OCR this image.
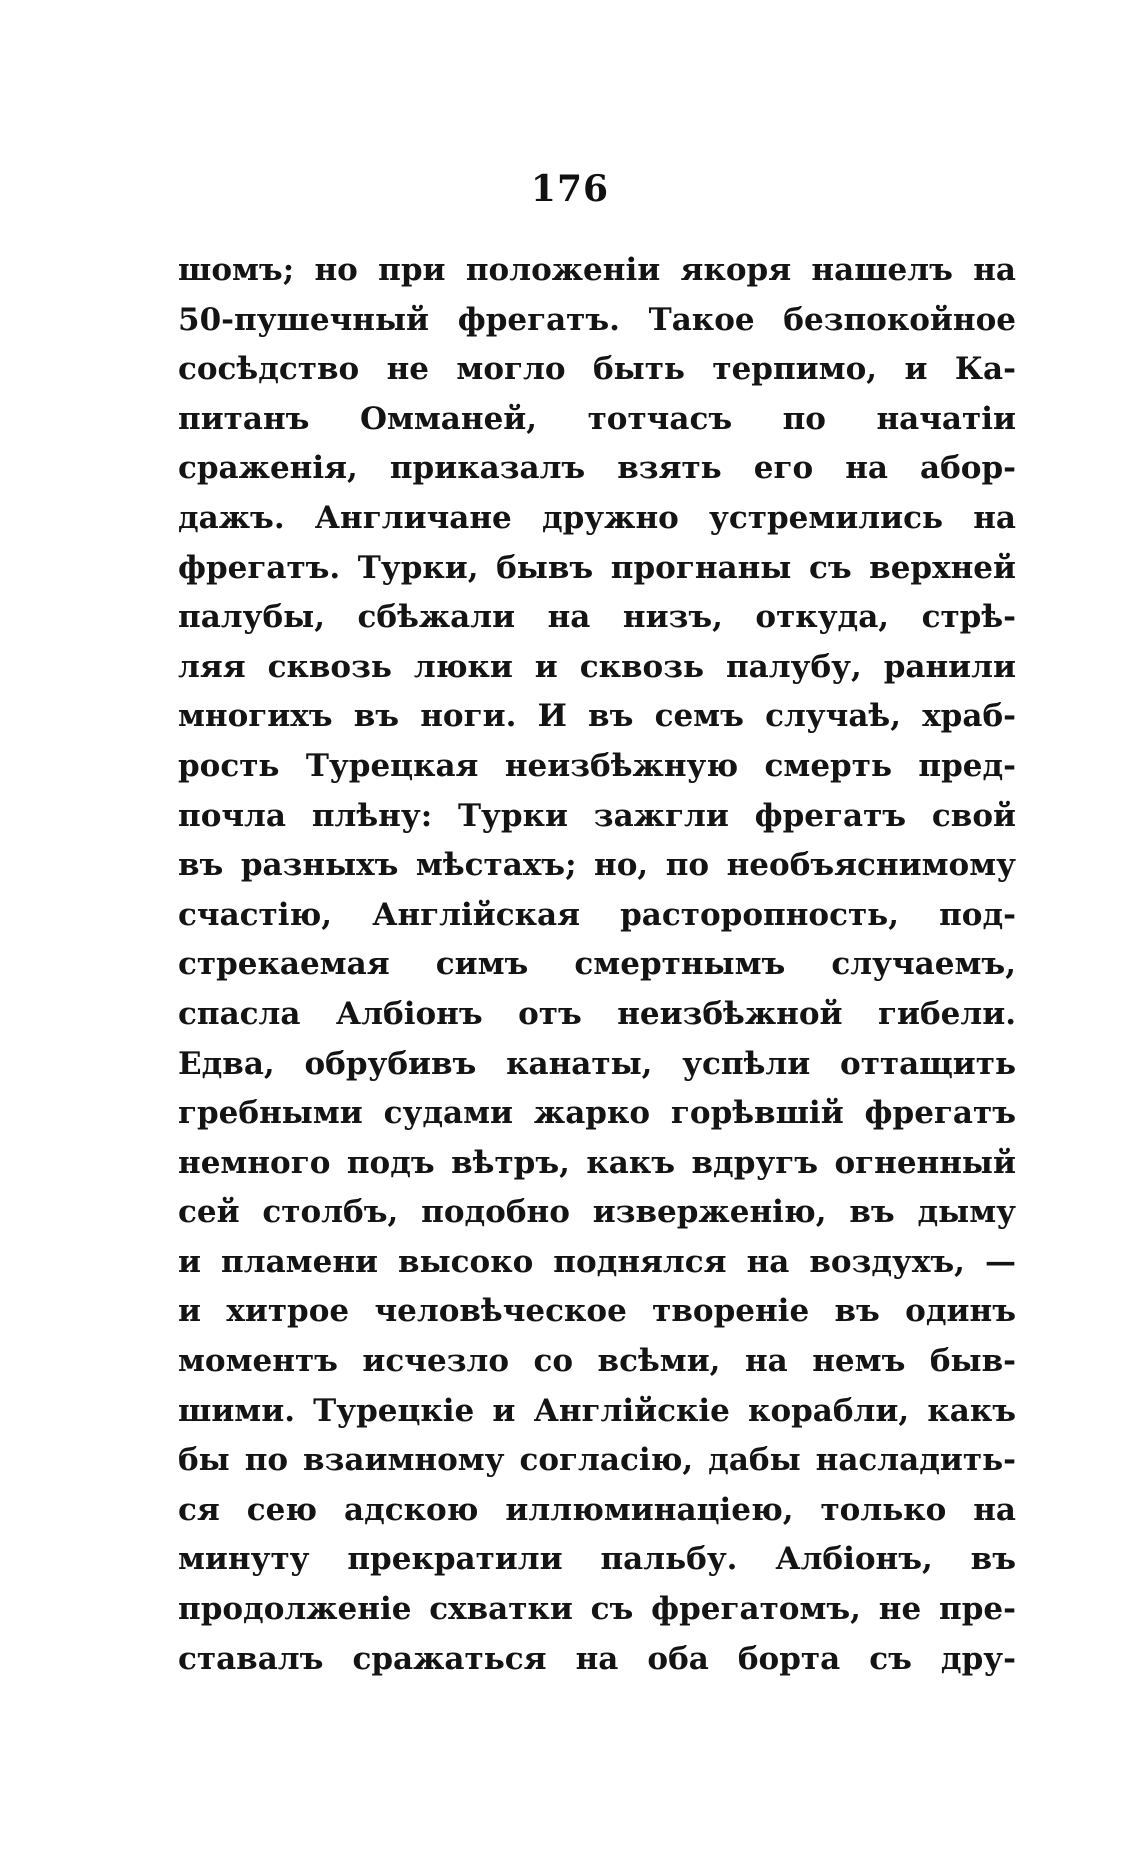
176
шомъ; но при положеніи якоря нашелъ на
50-пушечный фрегатъ. Такое безпокойное
сосѣдство не могло быть терпимо, и Ка-
питанъ Омманей, тотчасъ по начатіи
сраженія, приказалъ взять его на абор-
дажъ. Англичане дружно устремились на
фрегатъ. Турки, бывъ прогнаны съ верхней
палубы, сбѣжали на низъ, откуда, стрѣ-
ляя сквозь люки и сквозь палубу, ранили
многихъ въ ноги. И въ семъ случаѣ, храб-
рость Турецкая неизбѣжную смерть пред-
почла плѣну: Турки зажгли фрегатъ свой
въ разныхъ мѣстахъ; но, по необъяснимому
счастію, Англійская расторопность, под-
стрекаемая симъ смертнымъ случаемъ,
спасла Албіонъ отъ неизбѣжной гибели.
Едва, обрубивъ канаты, успѣли оттащить
гребными судами жарко горѣвшій фрегатъ
немного подъ вѣтръ, какъ вдругъ огненный
сей столбъ, подобно изверженію, въ дыму
и пламени высоко поднялся на воздухъ, —
и хитрое человѣческое твореніе въ одинъ
моментъ исчезло со всѣми, на немъ быв-
шими. Турецкіе и Англійскіе корабли, какъ
бы по взаимному согласію, дабы насладить-
ся сею адскою иллюминаціею, только на
минуту прекратили пальбу. Албіонъ, въ
продолженіе схватки съ фрегатомъ, не пре-
ставалъ сражаться на оба борта съ дру-
